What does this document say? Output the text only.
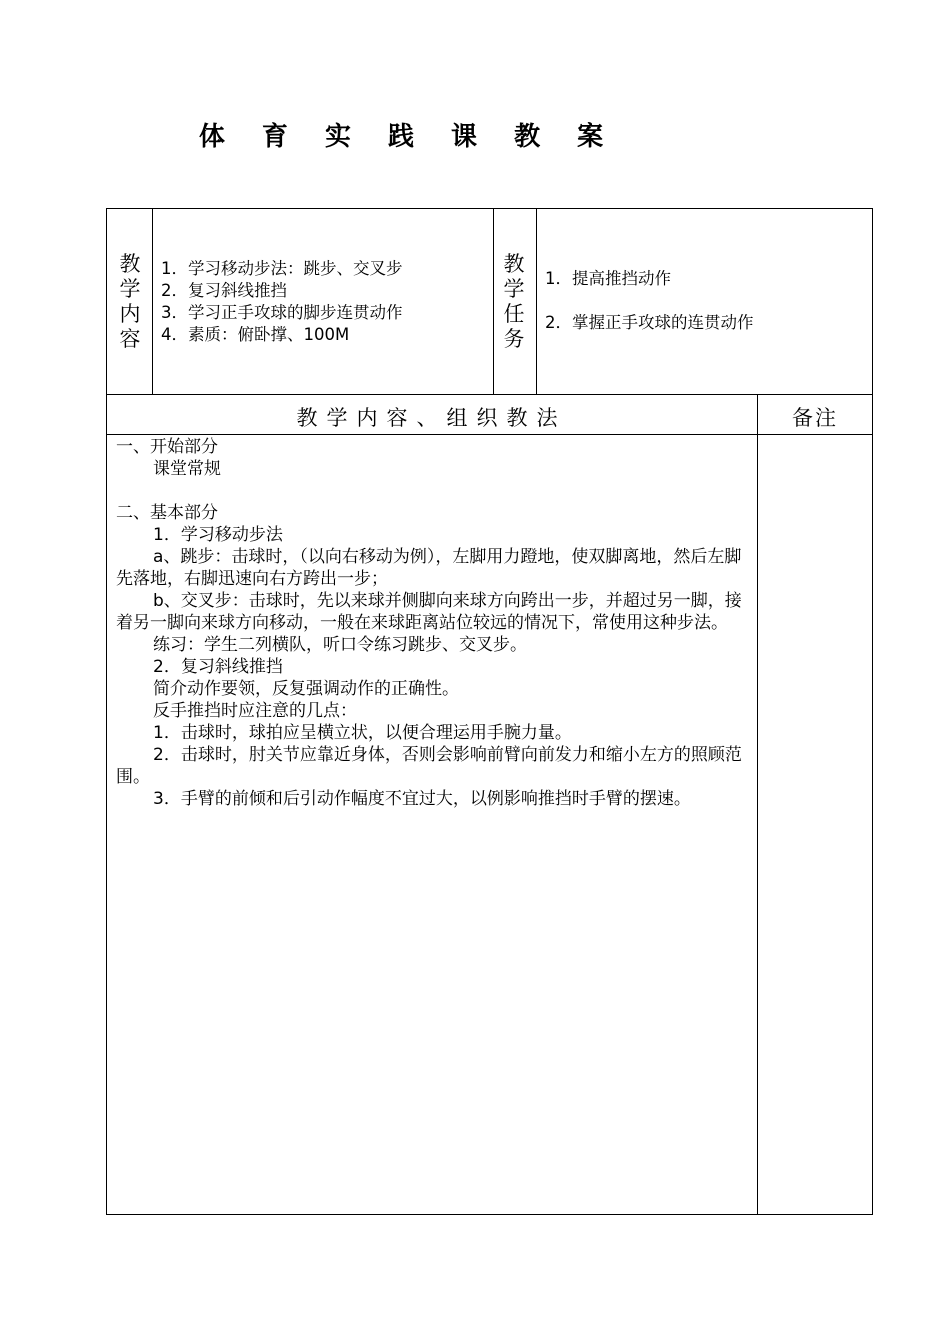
体 育 实 践 课 教 案
教学内容
1．学习移动步法：跳步、交叉步
2．复习斜线推挡
3．学习正手攻球的脚步连贯动作
4．素质：俯卧撑、100M
教学任务
1．提高推挡动作
2．掌握正手攻球的连贯动作
教学内容、组织教法	备注

一、开始部分

课堂常规

二、基本部分

1．学习移动步法

a、跳步：击球时，（以向右移动为例），左脚用力蹬地，使双脚离地，然后左脚先落地，右脚迅速向右方跨出一步；

b、交叉步：击球时，先以来球并侧脚向来球方向跨出一步，并超过另一脚，接着另一脚向来球方向移动，一般在来球距离站位较远的情况下，常使用这种步法。

练习：学生二列横队，听口令练习跳步、交叉步。

2．复习斜线推挡

简介动作要领，反复强调动作的正确性。

反手推挡时应注意的几点：

1．击球时，球拍应呈横立状，以便合理运用手腕力量。

2．击球时，肘关节应靠近身体，否则会影响前臂向前发力和缩小左方的照顾范围。

3．手臂的前倾和后引动作幅度不宜过大，以例影响推挡时手臂的摆速。
